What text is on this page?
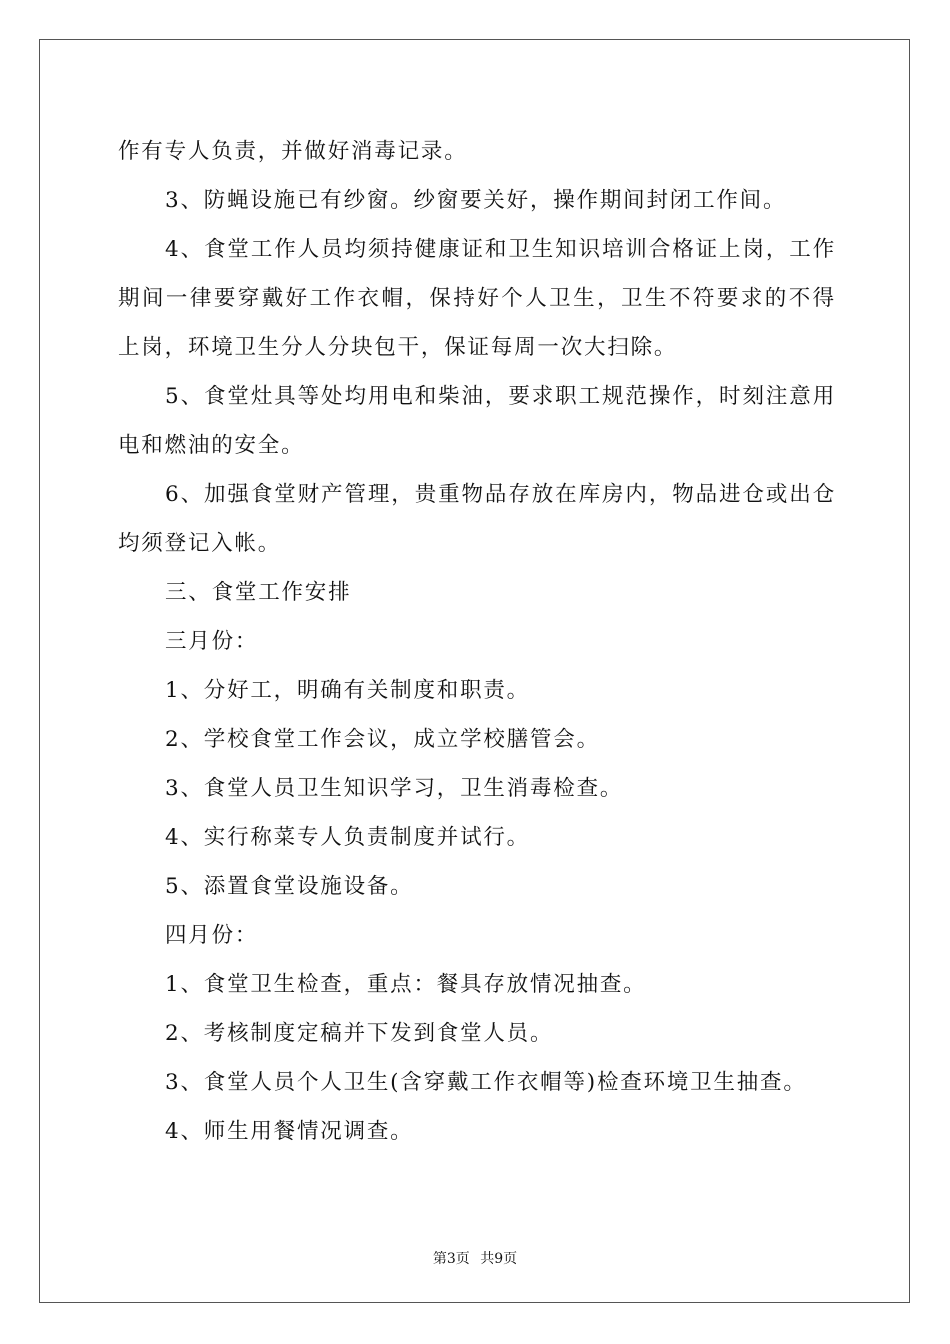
作有专人负责，并做好消毒记录。

3、防蝇设施已有纱窗。纱窗要关好，操作期间封闭工作间。

4、食堂工作人员均须持健康证和卫生知识培训合格证上岗，工作期间一律要穿戴好工作衣帽，保持好个人卫生，卫生不符要求的不得上岗，环境卫生分人分块包干，保证每周一次大扫除。

5、食堂灶具等处均用电和柴油，要求职工规范操作，时刻注意用电和燃油的安全。

6、加强食堂财产管理，贵重物品存放在库房内，物品进仓或出仓均须登记入帐。

三、食堂工作安排

三月份：

1、分好工，明确有关制度和职责。

2、学校食堂工作会议，成立学校膳管会。

3、食堂人员卫生知识学习，卫生消毒检查。

4、实行称菜专人负责制度并试行。

5、添置食堂设施设备。

四月份：

1、食堂卫生检查，重点：餐具存放情况抽查。

2、考核制度定稿并下发到食堂人员。

3、食堂人员个人卫生(含穿戴工作衣帽等)检查环境卫生抽查。

4、师生用餐情况调查。

第3页 共9页
